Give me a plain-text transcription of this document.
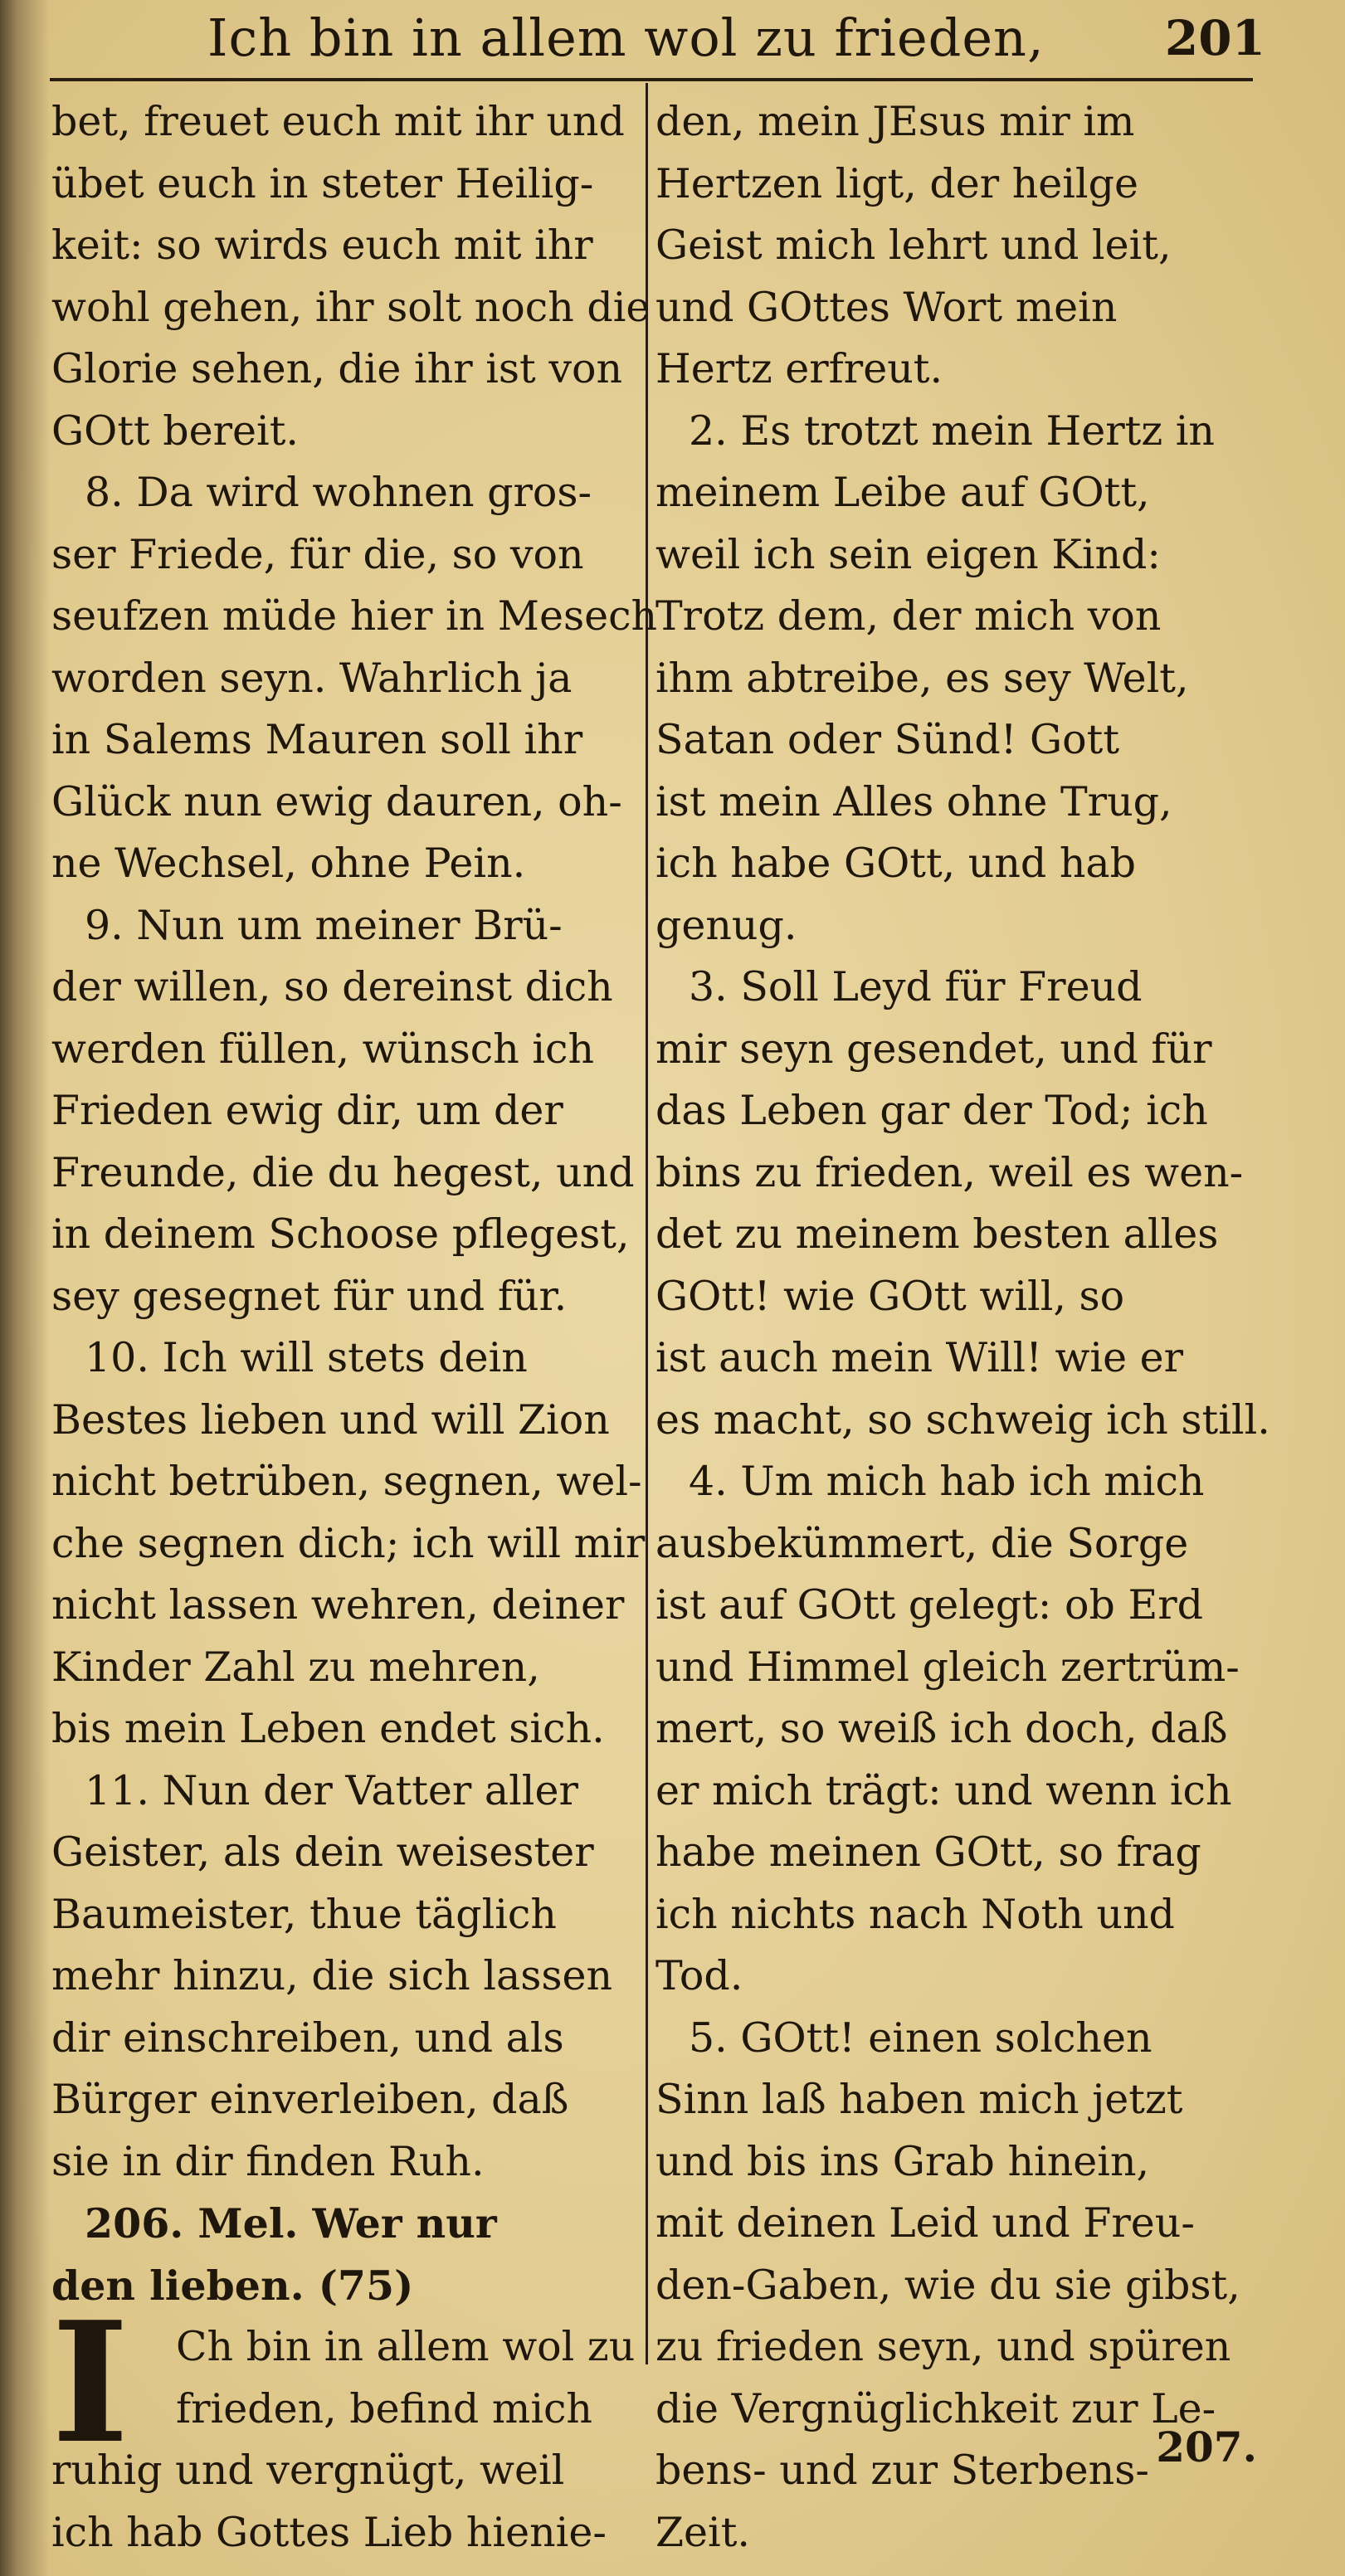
Ich bin in allem wol zu frieden,	201
bet, freuet euch mit ihr und
übet euch in steter Heilig-
keit: so wirds euch mit ihr
wohl gehen, ihr solt noch die
Glorie sehen, die ihr ist von
GOtt bereit.
8. Da wird wohnen gros-
ser Friede, für die, so von
seufzen müde hier in Mesech
worden seyn. Wahrlich ja
in Salems Mauren soll ihr
Glück nun ewig dauren, oh-
ne Wechsel, ohne Pein.
9. Nun um meiner Brü-
der willen, so dereinst dich
werden füllen, wünsch ich
Frieden ewig dir, um der
Freunde, die du hegest, und
in deinem Schoose pflegest,
sey gesegnet für und für.
10. Ich will stets dein
Bestes lieben und will Zion
nicht betrüben, segnen, wel-
che segnen dich; ich will mir
nicht lassen wehren, deiner
Kinder Zahl zu mehren,
bis mein Leben endet sich.
11. Nun der Vatter aller
Geister, als dein weisester
Baumeister, thue täglich
mehr hinzu, die sich lassen
dir einschreiben, und als
Bürger einverleiben, daß
sie in dir finden Ruh.
206. Mel. Wer nur
den lieben. (75)
I Ch bin in allem wol zu
frieden, befind mich
ruhig und vergnügt, weil
ich hab Gottes Lieb hienie-
den, mein JEsus mir im
Hertzen ligt, der heilge
Geist mich lehrt und leit,
und GOttes Wort mein
Hertz erfreut.
2. Es trotzt mein Hertz in
meinem Leibe auf GOtt,
weil ich sein eigen Kind:
Trotz dem, der mich von
ihm abtreibe, es sey Welt,
Satan oder Sünd! Gott
ist mein Alles ohne Trug,
ich habe GOtt, und hab
genug.
3. Soll Leyd für Freud
mir seyn gesendet, und für
das Leben gar der Tod; ich
bins zu frieden, weil es wen-
det zu meinem besten alles
GOtt! wie GOtt will, so
ist auch mein Will! wie er
es macht, so schweig ich still.
4. Um mich hab ich mich
ausbekümmert, die Sorge
ist auf GOtt gelegt: ob Erd
und Himmel gleich zertrüm-
mert, so weiß ich doch, daß
er mich trägt: und wenn ich
habe meinen GOtt, so frag
ich nichts nach Noth und
Tod.
5. GOtt! einen solchen
Sinn laß haben mich jetzt
und bis ins Grab hinein,
mit deinen Leid und Freu-
den-Gaben, wie du sie gibst,
zu frieden seyn, und spüren
die Vergnüglichkeit zur Le-
bens- und zur Sterbens-
Zeit.
207.
